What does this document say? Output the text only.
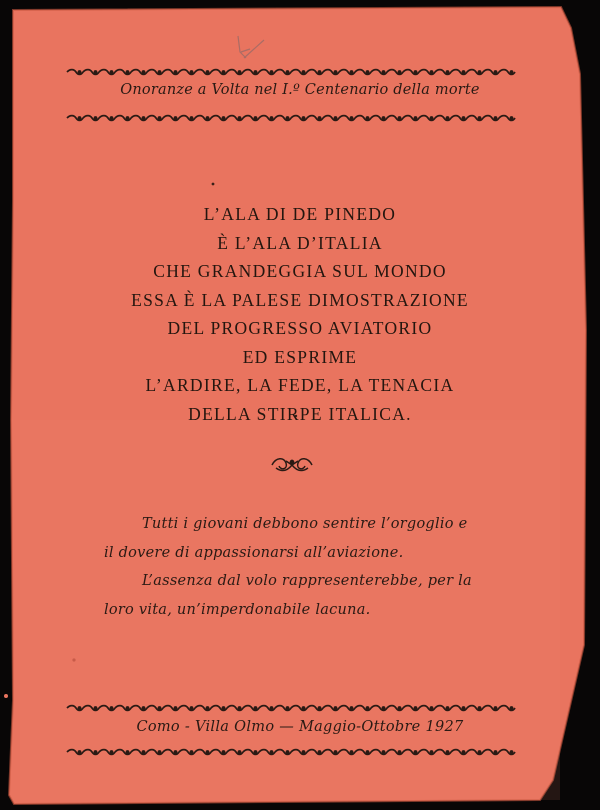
Onoranze a Volta nel I.º Centenario della morte
L’ALA DI DE PINEDO
È L’ALA D’ITALIA
CHE GRANDEGGIA SUL MONDO
ESSA È LA PALESE DIMOSTRAZIONE
DEL PROGRESSO AVIATORIO
ED ESPRIME
L’ARDIRE, LA FEDE, LA TENACIA
DELLA STIRPE ITALICA.
Tutti i giovani debbono sentire l’orgoglio e
il dovere di appassionarsi all’aviazione.
L’assenza dal volo rappresenterebbe, per la
loro vita, un’imperdonabile lacuna.
Como - Villa Olmo — Maggio-Ottobre 1927
